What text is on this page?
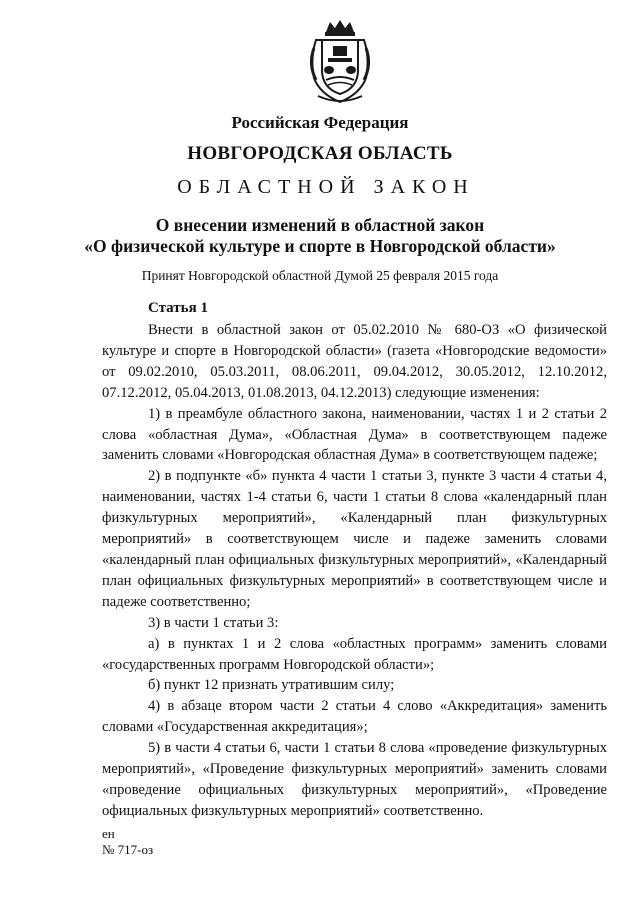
Российская Федерация
НОВГОРОДСКАЯ ОБЛАСТЬ
ОБЛАСТНОЙ ЗАКОН
О внесении изменений в областной закон
«О физической культуре и спорте в Новгородской области»
Принят Новгородской областной Думой 25 февраля 2015 года
Статья 1

Внести в областной закон от 05.02.2010 № 680-ОЗ «О физической культуре и спорте в Новгородской области» (газета «Новгородские ведомости» от 09.02.2010, 05.03.2011, 08.06.2011, 09.04.2012, 30.05.2012, 12.10.2012, 07.12.2012, 05.04.2013, 01.08.2013, 04.12.2013) следующие изменения:

1) в преамбуле областного закона, наименовании, частях 1 и 2 статьи 2 слова «областная Дума», «Областная Дума» в соответствующем падеже заменить словами «Новгородская областная Дума» в соответствующем падеже;

2) в подпункте «б» пункта 4 части 1 статьи 3, пункте 3 части 4 статьи 4, наименовании, частях 1-4 статьи 6, части 1 статьи 8 слова «календарный план физкультурных мероприятий», «Календарный план физкультурных мероприятий» в соответствующем числе и падеже заменить словами «календарный план официальных физкультурных мероприятий», «Календарный план официальных физкультурных мероприятий» в соответствующем числе и падеже соответственно;

3) в части 1 статьи 3:

а) в пунктах 1 и 2 слова «областных программ» заменить словами «государственных программ Новгородской области»;

б) пункт 12 признать утратившим силу;

4) в абзаце втором части 2 статьи 4 слово «Аккредитация» заменить словами «Государственная аккредитация»;

5) в части 4 статьи 6, части 1 статьи 8 слова «проведение физкультурных мероприятий», «Проведение физкультурных мероприятий» заменить словами «проведение официальных физкультурных мероприятий», «Проведение официальных физкультурных мероприятий» соответственно.

ен
№ 717-оз
